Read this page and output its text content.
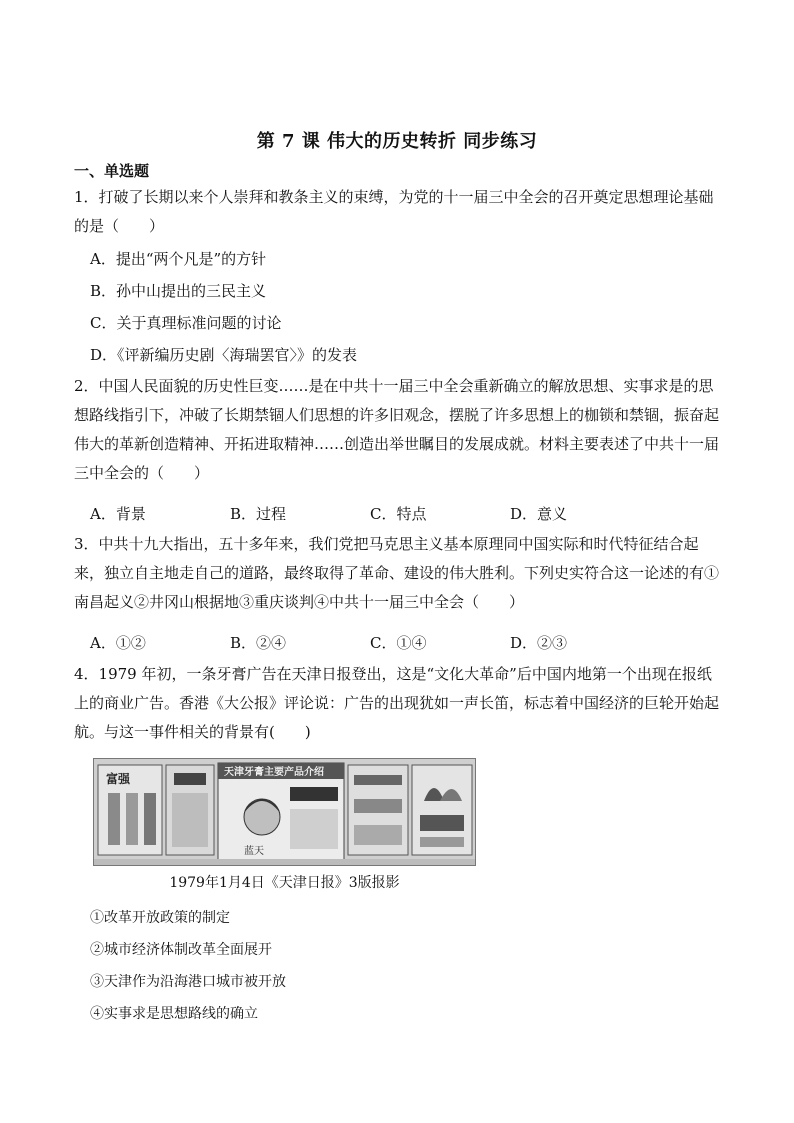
第 7 课 伟大的历史转折 同步练习
一、单选题
1．打破了长期以来个人崇拜和教条主义的束缚，为党的十一届三中全会的召开奠定思想理论基础的是（　　）
A．提出“两个凡是”的方针
B．孙中山提出的三民主义
C．关于真理标准问题的讨论
D．《评新编历史剧〈海瑞罢官〉》的发表
2．中国人民面貌的历史性巨变……是在中共十一届三中全会重新确立的解放思想、实事求是的思想路线指引下，冲破了长期禁锢人们思想的许多旧观念，摆脱了许多思想上的枷锁和禁锢，振奋起伟大的革新创造精神、开拓进取精神……创造出举世瞩目的发展成就。材料主要表述了中共十一届三中全会的（　　）
A．背景	B．过程	C．特点	D．意义
3．中共十九大指出，五十多年来，我们党把马克思主义基本原理同中国实际和时代特征结合起来，独立自主地走自己的道路，最终取得了革命、建设的伟大胜利。下列史实符合这一论述的有①南昌起义②井冈山根据地③重庆谈判④中共十一届三中全会（　　）
A．①②	B．②④	C．①④	D．②③
4．1979 年初，一条牙膏广告在天津日报登出，这是“文化大革命”后中国内地第一个出现在报纸上的商业广告。香港《大公报》评论说：广告的出现犹如一声长笛，标志着中国经济的巨轮开始起航。与这一事件相关的背景有(　　)
富强	天津牙膏主要产品介绍
蓝天
1979年1月4日《天津日报》3版报影
①改革开放政策的制定
②城市经济体制改革全面展开
③天津作为沿海港口城市被开放
④实事求是思想路线的确立
